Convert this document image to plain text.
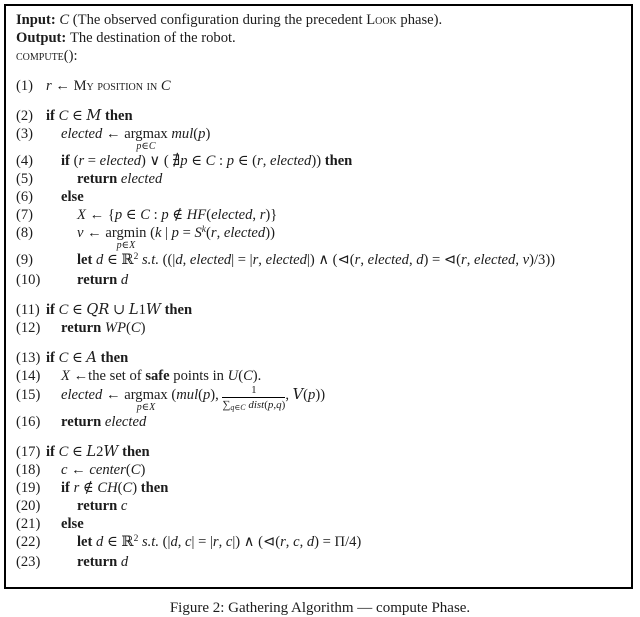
Input: C (The observed configuration during the precedent Look phase).
Output: The destination of the robot.
compute():
(1) r ← My position in C
(2) if C ∈ M then
(3)	elected ← argmax
p∈C
mul(p)
(4)	if (r = elected) ∨ ( ∄p ∈ C : p ∈ (r, elected)) then
(5)	return elected
(6)	else
(7)	X ← {p ∈ C : p ∉ HF(elected, r)}
(8)	v ← argmin
p∈X
(k | $p = S^k(r$, elected))
(9)	let d ∈ ℝ$^2$ s.t. ((|d, elected| = |r, elected|) ∧ (⊲(r, elected, d) = ⊲(r, elected, v)/3))
(10)	return d
(11) if C ∈ QR ∪ L1W then
(12)	return WP(C)
(13) if C ∈ A then
(14)	X ←the set of safe points in U(C).
(15)	elected ← argmax
p∈X
(mul(p), $\frac{1}{\text{∑q∈C dist(p,q)}}$ , V(p))
(16)	return elected
(17) if C ∈ L2W then
(18)	c ← center(C)
(19)	if r ∉ CH(C) then
(20)	return c
(21)	else
(22)	let d ∈ ℝ$^2$ s.t. (|d, c| = |r, c|) ∧ (⊲(r, c, d) = Π/4)
(23)	return d
Figure 2: Gathering Algorithm — compute Phase.
